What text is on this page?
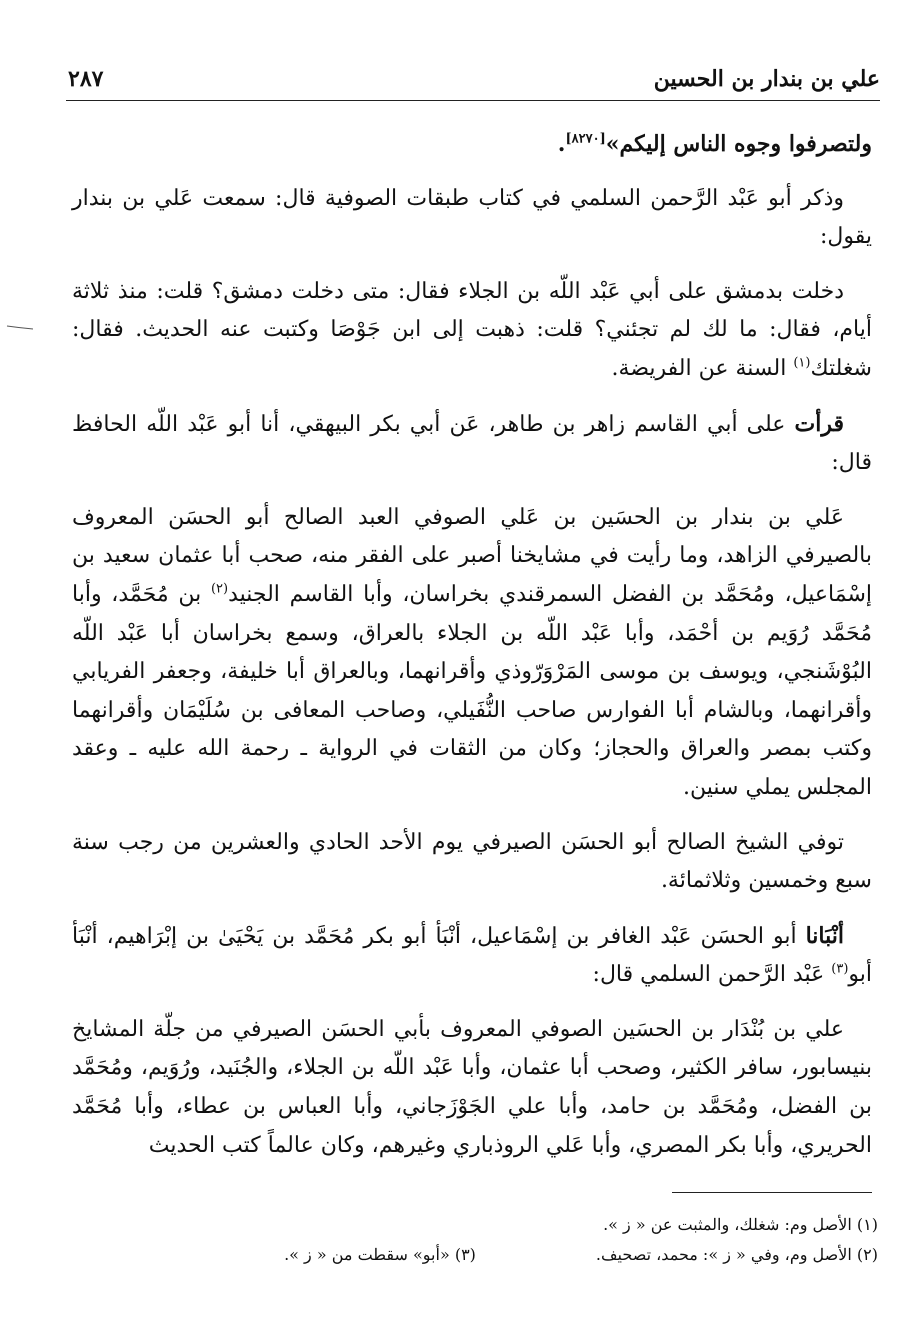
علي بن بندار بن الحسين
٢٨٧

ولتصرفوا وجوه الناس إليكم»[٨٢٧٠].

وذكر أبو عَبْد الرَّحمن السلمي في كتاب طبقات الصوفية قال: سمعت عَلي بن بندار يقول:

دخلت بدمشق على أبي عَبْد اللّه بن الجلاء فقال: متى دخلت دمشق؟ قلت: منذ ثلاثة أيام، فقال: ما لك لم تجئني؟ قلت: ذهبت إلى ابن جَوْصَا وكتبت عنه الحديث. فقال: شغلتك$^{(١)}$ السنة عن الفريضة.

قرأت على أبي القاسم زاهر بن طاهر، عَن أبي بكر البيهقي، أنا أبو عَبْد اللّه الحافظ قال:

عَلي بن بندار بن الحسَين بن عَلي الصوفي العبد الصالح أبو الحسَن المعروف بالصيرفي الزاهد، وما رأيت في مشايخنا أصبر على الفقر منه، صحب أبا عثمان سعيد بن إسْمَاعيل، ومُحَمَّد بن الفضل السمرقندي بخراسان، وأبا القاسم الجنيد$^{(٢)}$ بن مُحَمَّد، وأبا مُحَمَّد رُوَيم بن أحْمَد، وأبا عَبْد اللّه بن الجلاء بالعراق، وسمع بخراسان أبا عَبْد اللّه البُوْشَنجي، ويوسف بن موسى المَرْوَرّوذي وأقرانهما، وبالعراق أبا خليفة، وجعفر الفريابي وأقرانهما، وبالشام أبا الفوارس صاحب النُّفَيلي، وصاحب المعافى بن سُلَيْمَان وأقرانهما وكتب بمصر والعراق والحجاز؛ وكان من الثقات في الرواية ـ رحمة الله عليه ـ وعقد المجلس يملي سنين.

توفي الشيخ الصالح أبو الحسَن الصيرفي يوم الأحد الحادي والعشرين من رجب سنة سبع وخمسين وثلاثمائة.

أنْبَانا أبو الحسَن عَبْد الغافر بن إسْمَاعيل، أنْبَأ أبو بكر مُحَمَّد بن يَحْيَىٰ بن إبْرَاهيم، أنْبَأ أبو$^{(٣)}$ عَبْد الرَّحمن السلمي قال:

علي بن بُنْدَار بن الحسَين الصوفي المعروف بأبي الحسَن الصيرفي من جلّة المشايخ بنيسابور، سافر الكثير، وصحب أبا عثمان، وأبا عَبْد اللّه بن الجلاء، والجُنَيد، ورُوَيم، ومُحَمَّد بن الفضل، ومُحَمَّد بن حامد، وأبا علي الجَوْزَجاني، وأبا العباس بن عطاء، وأبا مُحَمَّد الحريري، وأبا بكر المصري، وأبا عَلي الروذباري وغيرهم، وكان عالماً كتب الحديث

(١) الأصل وم: شغلك، والمثبت عن « ز ».
(٢) الأصل وم، وفي « ز »: محمد، تصحيف.
(٣) «أبو» سقطت من « ز ».
